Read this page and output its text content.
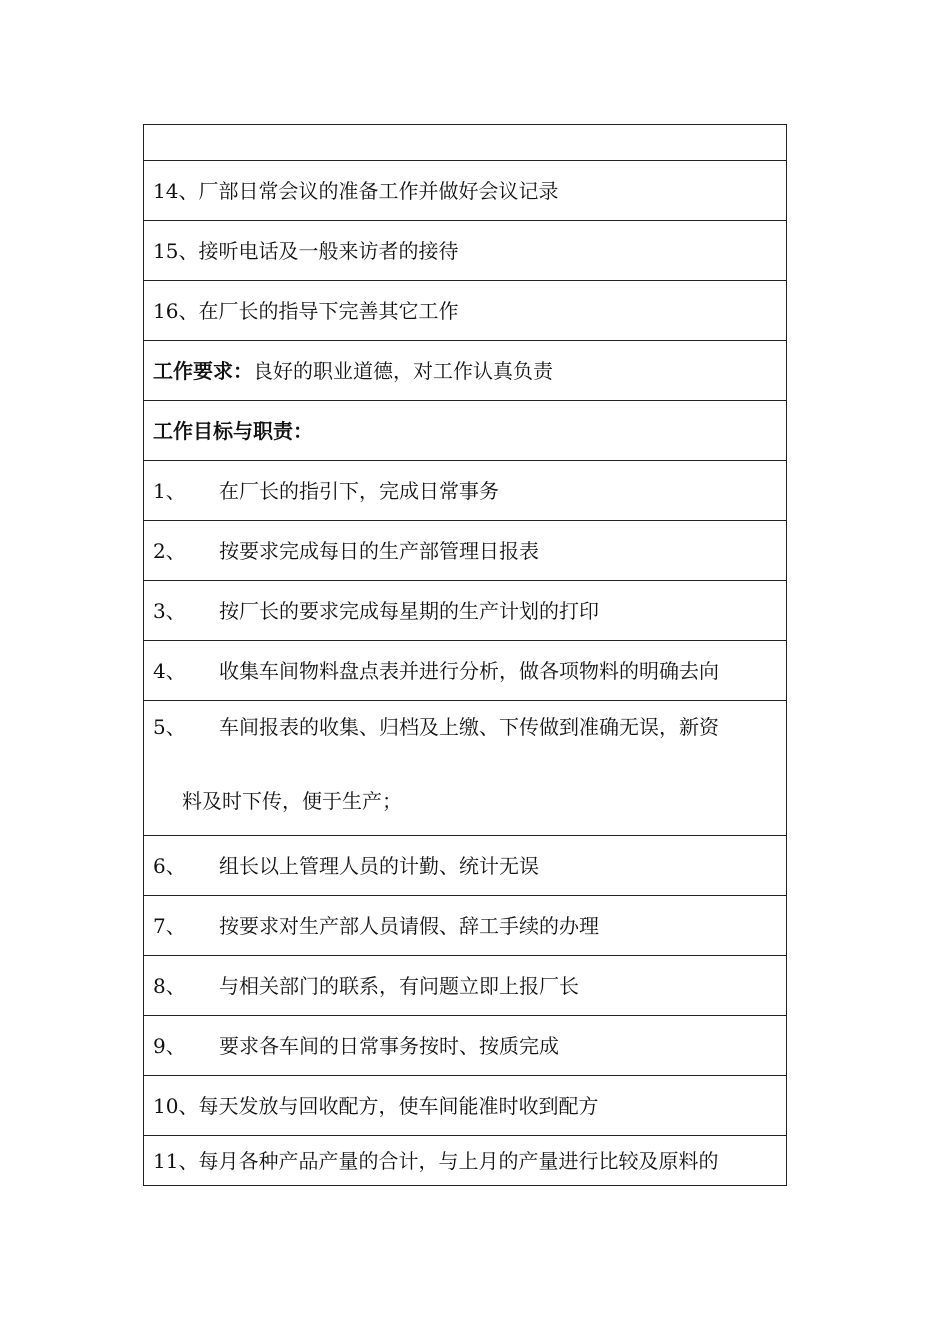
14、厂部日常会议的准备工作并做好会议记录
15、接听电话及一般来访者的接待
16、在厂长的指导下完善其它工作
工作要求： 良好的职业道德，对工作认真负责
工作目标与职责：
1、	在厂长的指引下，完成日常事务
2、	按要求完成每日的生产部管理日报表
3、	按厂长的要求完成每星期的生产计划的打印
4、	收集车间物料盘点表并进行分析，做各项物料的明确去向
5、 车间报表的收集、归档及上缴、下传做到准确无误，新资
料及时下传，便于生产；
6、	组长以上管理人员的计勤、统计无误
7、	按要求对生产部人员请假、辞工手续的办理
8、	与相关部门的联系，有问题立即上报厂长
9、	要求各车间的日常事务按时、按质完成
10、每天发放与回收配方，使车间能准时收到配方
11、每月各种产品产量的合计，与上月的产量进行比较及原料的
